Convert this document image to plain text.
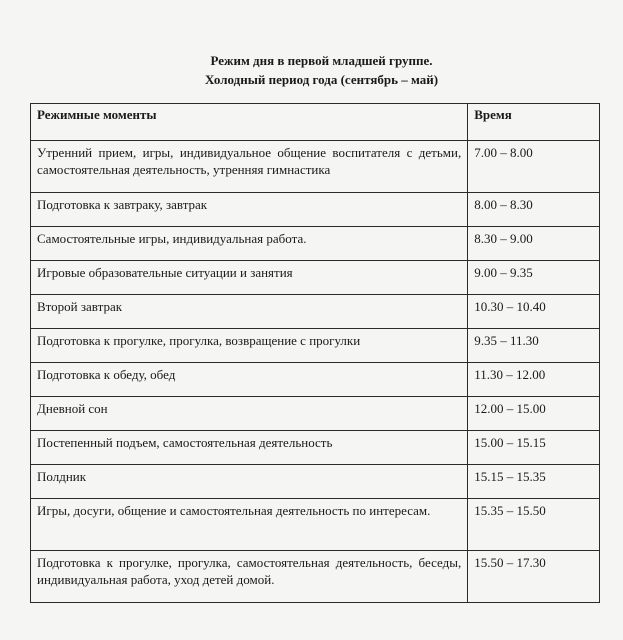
Режим дня в первой младшей группе.
Холодный период года (сентябрь – май)
Режимные моменты	Время

Утренний прием, игры, индивидуальное общение воспитателя с детьми, самостоятельная деятельность, утренняя гимнастика	7.00 – 8.00

Подготовка к завтраку, завтрак	8.00 – 8.30

Самостоятельные игры, индивидуальная работа.	8.30 – 9.00

Игровые образовательные ситуации и занятия	9.00 – 9.35

Второй завтрак	10.30 – 10.40

Подготовка к прогулке, прогулка, возвращение с прогулки	9.35 – 11.30

Подготовка к обеду, обед	11.30 – 12.00

Дневной сон	12.00 – 15.00

Постепенный подъем, самостоятельная деятельность	15.00 – 15.15

Полдник	15.15 – 15.35

Игры, досуги, общение и самостоятельная деятельность по интересам.	15.35 – 15.50

Подготовка к прогулке, прогулка, самостоятельная деятельность, беседы, индивидуальная работа, уход детей домой.	15.50 – 17.30
